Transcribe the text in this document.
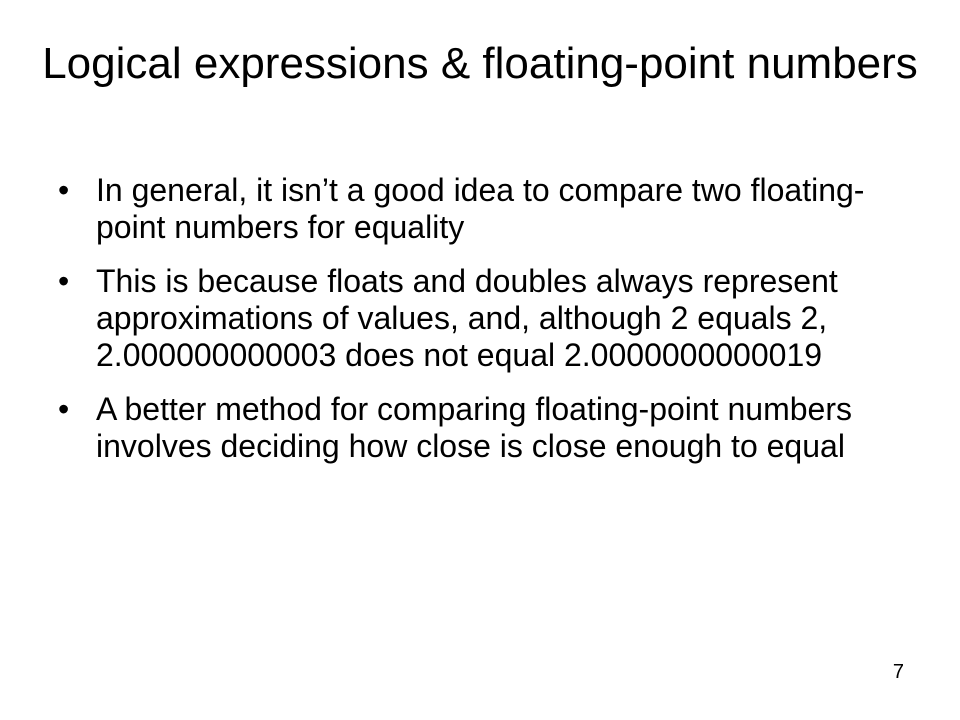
Logical expressions & floating-point numbers
• In general, it isn’t a good idea to compare two floating-point numbers for equality
• This is because floats and doubles always represent approximations of values, and, although 2 equals 2, 2.000000000003 does not equal 2.0000000000019
• A better method for comparing floating-point numbers involves deciding how close is close enough to equal
7
